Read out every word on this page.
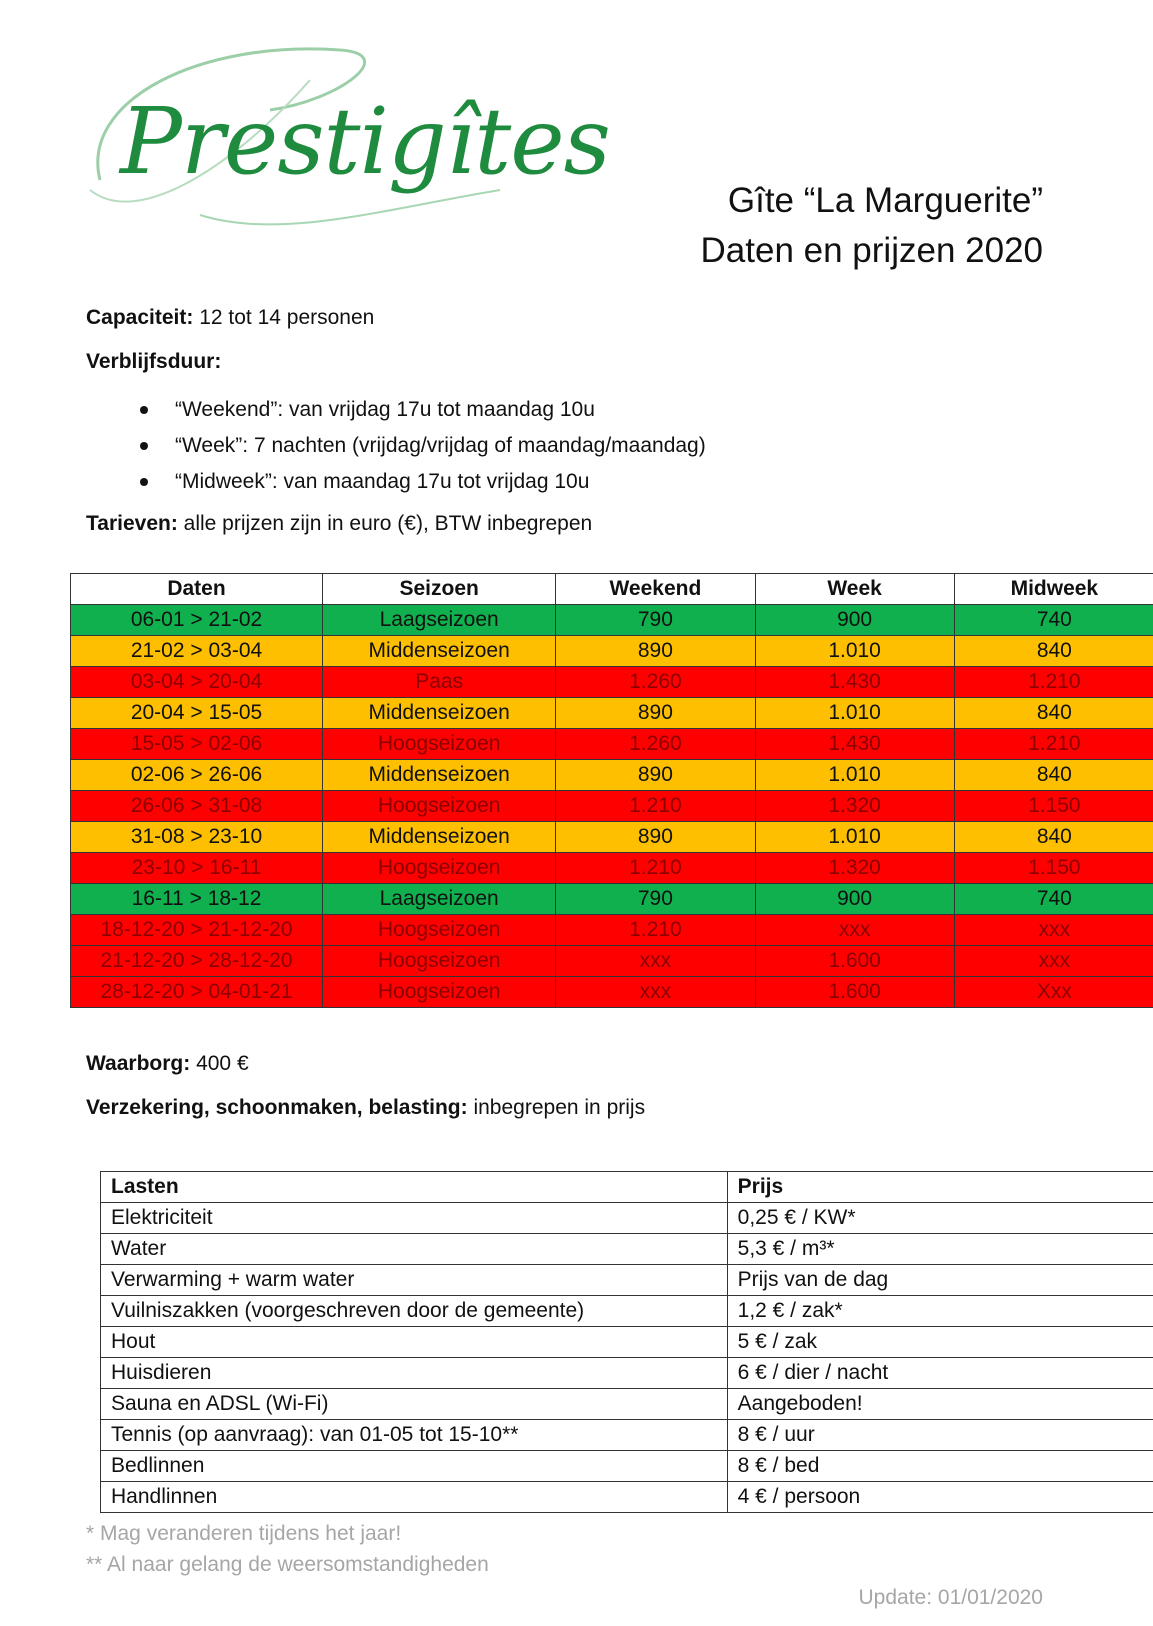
Prestigîtes
Gîte “La Marguerite”
Daten en prijzen 2020
Capaciteit: 12 tot 14 personen
Verblijfsduur:
“Weekend”: van vrijdag 17u tot maandag 10u
“Week”: 7 nachten (vrijdag/vrijdag of maandag/maandag)
“Midweek”: van maandag 17u tot vrijdag 10u
Tarieven: alle prijzen zijn in euro (€), BTW inbegrepen
Daten	Seizoen	Weekend	Week	Midweek
06-01 > 21-02	Laagseizoen	790	900	740
21-02 > 03-04	Middenseizoen	890	1.010	840
03-04 > 20-04	Paas	1.260	1.430	1.210
20-04 > 15-05	Middenseizoen	890	1.010	840
15-05 > 02-06	Hoogseizoen	1.260	1.430	1.210
02-06 > 26-06	Middenseizoen	890	1.010	840
26-06 > 31-08	Hoogseizoen	1.210	1.320	1.150
31-08 > 23-10	Middenseizoen	890	1.010	840
23-10 > 16-11	Hoogseizoen	1.210	1.320	1.150
16-11 > 18-12	Laagseizoen	790	900	740
18-12-20 > 21-12-20	Hoogseizoen	1.210	xxx	xxx
21-12-20 > 28-12-20	Hoogseizoen	xxx	1.600	xxx
28-12-20 > 04-01-21	Hoogseizoen	xxx	1.600	Xxx
Waarborg: 400 €
Verzekering, schoonmaken, belasting: inbegrepen in prijs
Lasten	Prijs
Elektriciteit	0,25 € / KW*
Water	5,3 € / m³*
Verwarming + warm water	Prijs van de dag
Vuilniszakken (voorgeschreven door de gemeente)	1,2 € / zak*
Hout	5 € / zak
Huisdieren	6 € / dier / nacht
Sauna en ADSL (Wi-Fi)	Aangeboden!
Tennis (op aanvraag): van 01-05 tot 15-10**	8 € / uur
Bedlinnen	8 € / bed
Handlinnen	4 € / persoon
* Mag veranderen tijdens het jaar!
** Al naar gelang de weersomstandigheden
Update: 01/01/2020
